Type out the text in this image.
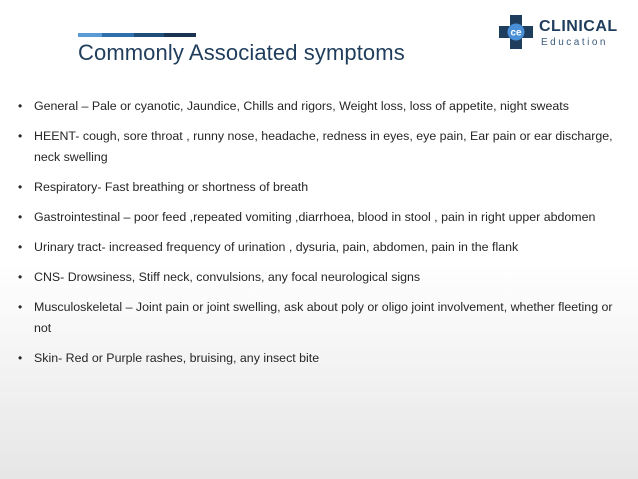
Commonly Associated symptoms
ce CLINICAL
Education
• General – Pale or cyanotic, Jaundice, Chills and rigors, Weight loss, loss of appetite, night sweats
• HEENT- cough, sore throat , runny nose, headache, redness in eyes, eye pain, Ear pain or ear discharge, neck swelling
• Respiratory- Fast breathing or shortness of breath
• Gastrointestinal – poor feed ,repeated vomiting ,diarrhoea, blood in stool , pain in right upper abdomen
• Urinary tract- increased frequency of urination , dysuria, pain, abdomen, pain in the flank
• CNS- Drowsiness, Stiff neck, convulsions, any focal neurological signs
• Musculoskeletal – Joint pain or joint swelling, ask about poly or oligo joint involvement, whether fleeting or not
• Skin- Red or Purple rashes, bruising, any insect bite
